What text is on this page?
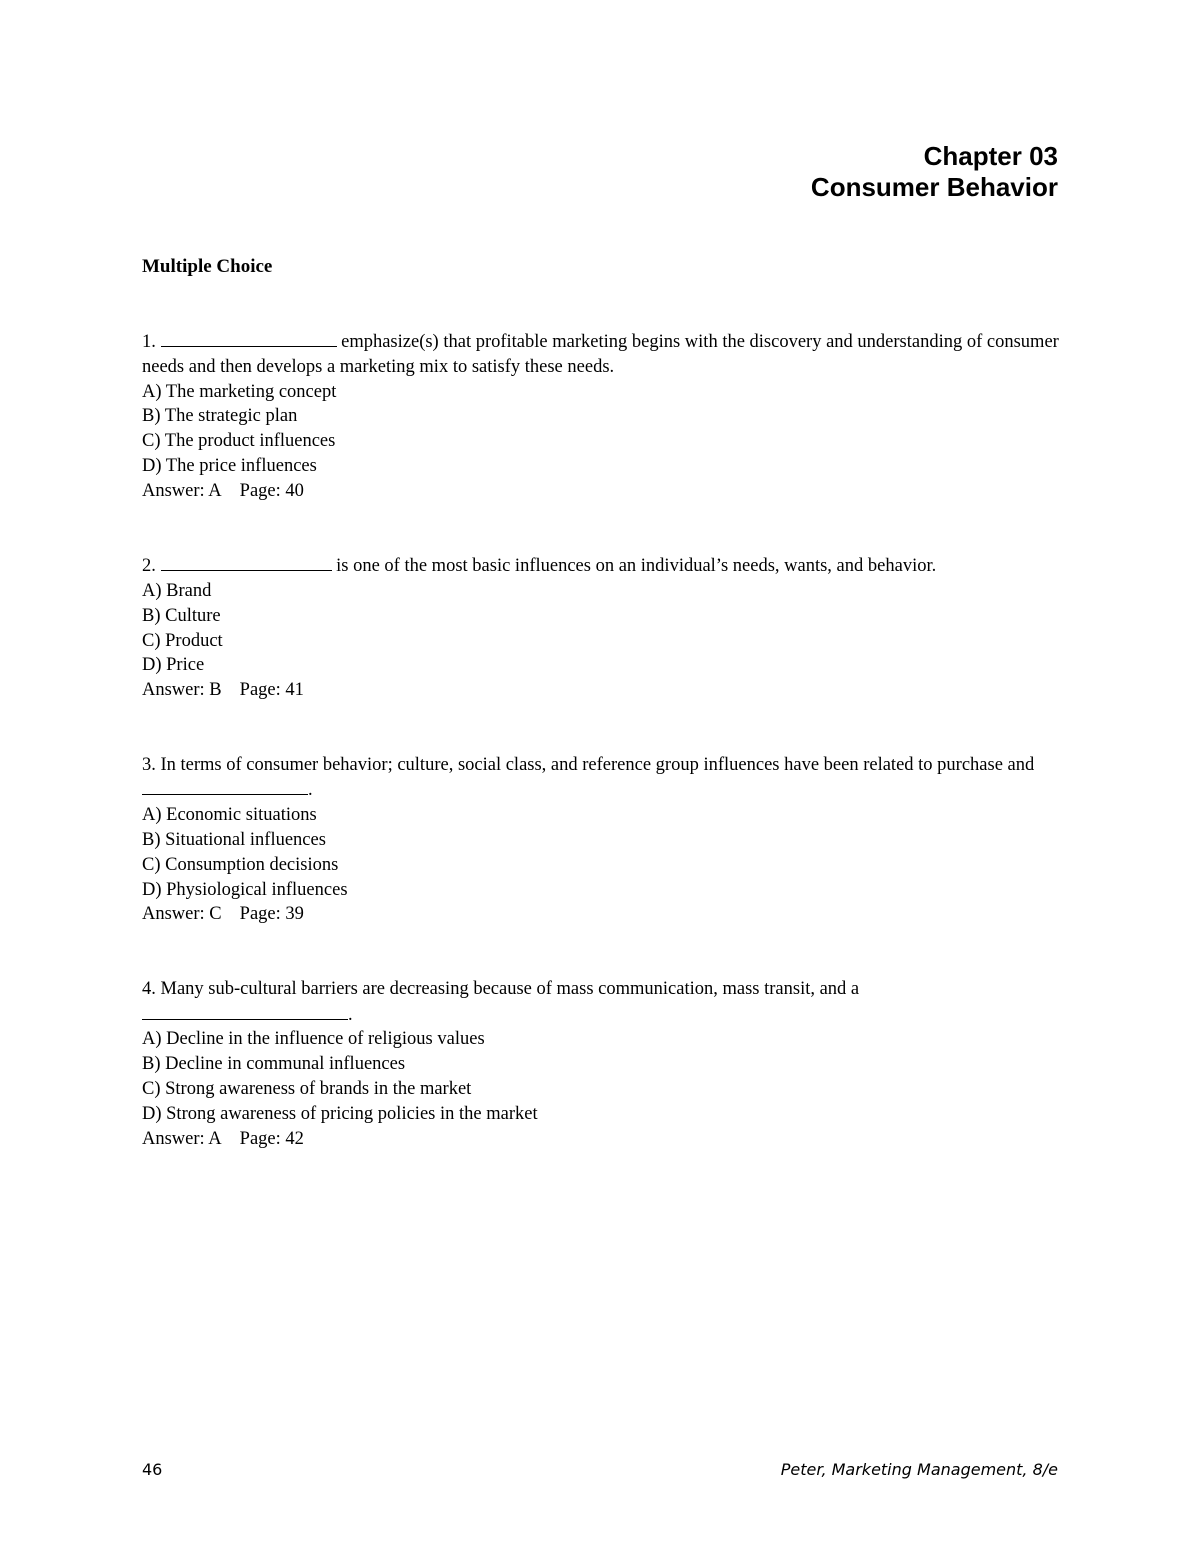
Chapter 03
Consumer Behavior
Multiple Choice
1.	emphasize(s) that profitable marketing begins with the discovery and understanding of consumer needs and then develops a marketing mix to satisfy these needs.
A) The marketing concept
B) The strategic plan
C) The product influences
D) The price influences
Answer: A Page: 40
2.	is one of the most basic influences on an individual’s needs, wants, and behavior.
A) Brand
B) Culture
C) Product
D) Price
Answer: B Page: 41
3. In terms of consumer behavior; culture, social class, and reference group influences have been related to purchase and .
A) Economic situations
B) Situational influences
C) Consumption decisions
D) Physiological influences
Answer: C Page: 39
4. Many sub-cultural barriers are decreasing because of mass communication, mass transit, and a
.
A) Decline in the influence of religious values
B) Decline in communal influences
C) Strong awareness of brands in the market
D) Strong awareness of pricing policies in the market
Answer: A Page: 42
46	Peter, Marketing Management, 8/e
